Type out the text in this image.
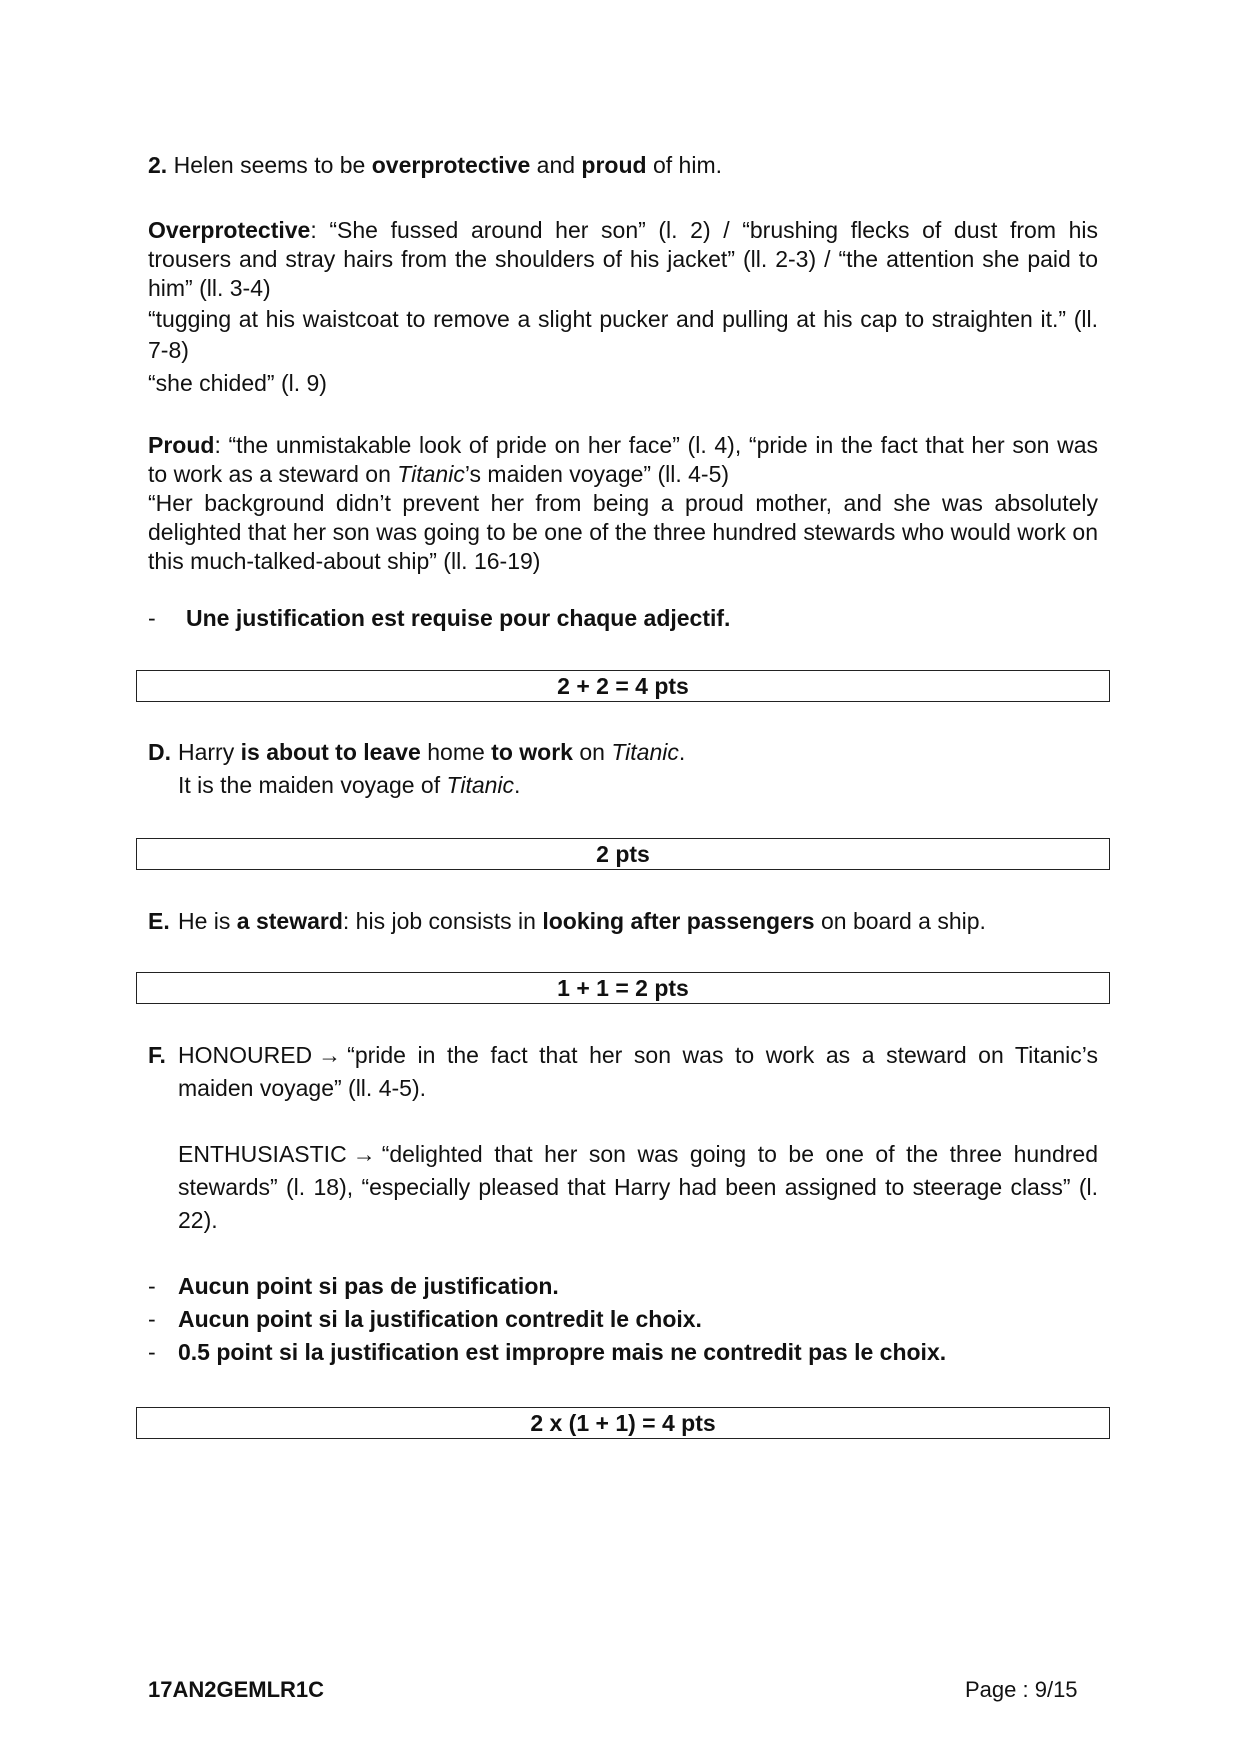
2. Helen seems to be overprotective and proud of him.
Overprotective: “She fussed around her son” (l. 2) / “brushing flecks of dust from his trousers and stray hairs from the shoulders of his jacket” (ll. 2-3) / “the attention she paid to him” (ll. 3-4)
“tugging at his waistcoat to remove a slight pucker and pulling at his cap to straighten it.” (ll. 7-8)
“she chided” (l. 9)
Proud: “the unmistakable look of pride on her face” (l. 4), “pride in the fact that her son was to work as a steward on Titanic’s maiden voyage” (ll. 4-5)
“Her background didn’t prevent her from being a proud mother, and she was absolutely delighted that her son was going to be one of the three hundred stewards who would work on this much-talked-about ship” (ll. 16-19)
- Une justification est requise pour chaque adjectif.
2 + 2 = 4 pts
D. Harry is about to leave home to work on Titanic.
It is the maiden voyage of Titanic.
2 pts
E. He is a steward: his job consists in looking after passengers on board a ship.
1 + 1 = 2 pts
F. HONOURED → “pride in the fact that her son was to work as a steward on Titanic’s maiden voyage” (ll. 4-5).
ENTHUSIASTIC → “delighted that her son was going to be one of the three hundred stewards” (l. 18), “especially pleased that Harry had been assigned to steerage class” (l. 22).
- Aucun point si pas de justification.
- Aucun point si la justification contredit le choix.
- 0.5 point si la justification est impropre mais ne contredit pas le choix.
2 x (1 + 1) = 4 pts
17AN2GEMLR1C	Page : 9/15
